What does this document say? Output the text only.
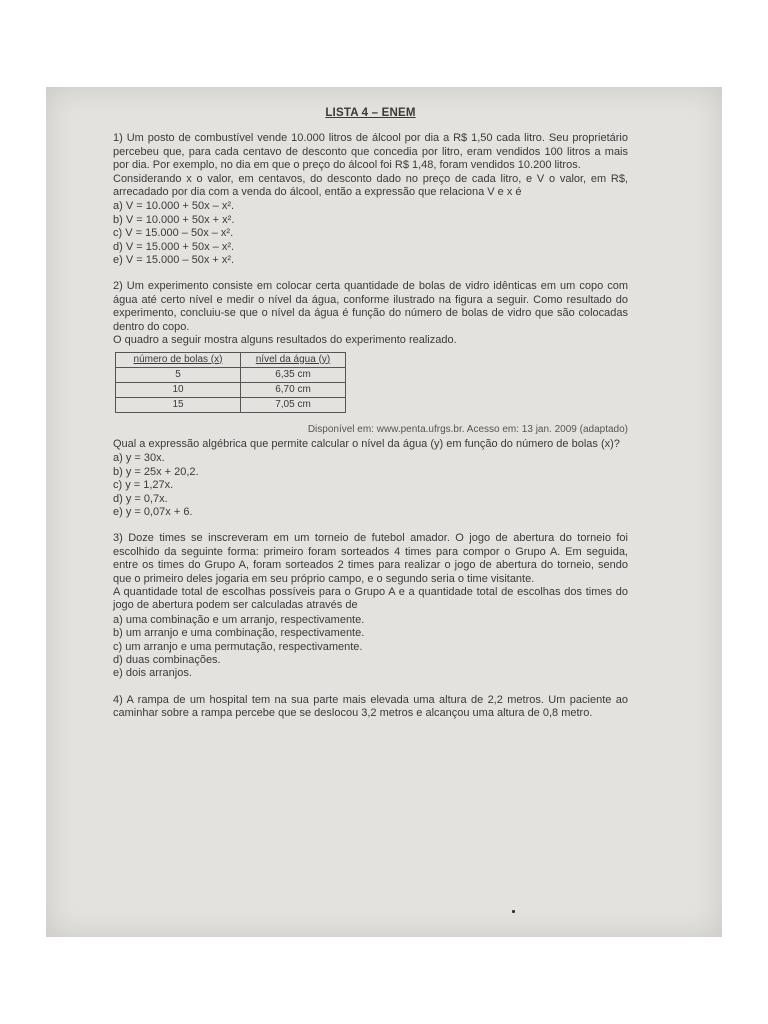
LISTA 4 – ENEM

1) Um posto de combustível vende 10.000 litros de álcool por dia a R$ 1,50 cada litro. Seu proprietário percebeu que, para cada centavo de desconto que concedia por litro, eram vendidos 100 litros a mais por dia. Por exemplo, no dia em que o preço do álcool foi R$ 1,48, foram vendidos 10.200 litros.

Considerando x o valor, em centavos, do desconto dado no preço de cada litro, e V o valor, em R$, arrecadado por dia com a venda do álcool, então a expressão que relaciona V e x é

a) V = 10.000 + 50x – x².
b) V = 10.000 + 50x + x².
c) V = 15.000 – 50x – x².
d) V = 15.000 + 50x – x².
e) V = 15.000 – 50x + x².

2) Um experimento consiste em colocar certa quantidade de bolas de vidro idênticas em um copo com água até certo nível e medir o nível da água, conforme ilustrado na figura a seguir. Como resultado do experimento, concluiu-se que o nível da água é função do número de bolas de vidro que são colocadas dentro do copo.

O quadro a seguir mostra alguns resultados do experimento realizado.

número de bolas (x)	nível da água (y)
5	6,35 cm
10	6,70 cm
15	7,05 cm
Disponível em: www.penta.ufrgs.br. Acesso em: 13 jan. 2009 (adaptado)

Qual a expressão algébrica que permite calcular o nível da água (y) em função do número de bolas (x)?

a) y = 30x.
b) y = 25x + 20,2.
c) y = 1,27x.
d) y = 0,7x.
e) y = 0,07x + 6.

3) Doze times se inscreveram em um torneio de futebol amador. O jogo de abertura do torneio foi escolhido da seguinte forma: primeiro foram sorteados 4 times para compor o Grupo A. Em seguida, entre os times do Grupo A, foram sorteados 2 times para realizar o jogo de abertura do torneio, sendo que o primeiro deles jogaria em seu próprio campo, e o segundo seria o time visitante.

A quantidade total de escolhas possíveis para o Grupo A e a quantidade total de escolhas dos times do jogo de abertura podem ser calculadas através de

a) uma combinação e um arranjo, respectivamente.
b) um arranjo e uma combinação, respectivamente.
c) um arranjo e uma permutação, respectivamente.
d) duas combinações.
e) dois arranjos.

4) A rampa de um hospital tem na sua parte mais elevada uma altura de 2,2 metros. Um paciente ao caminhar sobre a rampa percebe que se deslocou 3,2 metros e alcançou uma altura de 0,8 metro.
